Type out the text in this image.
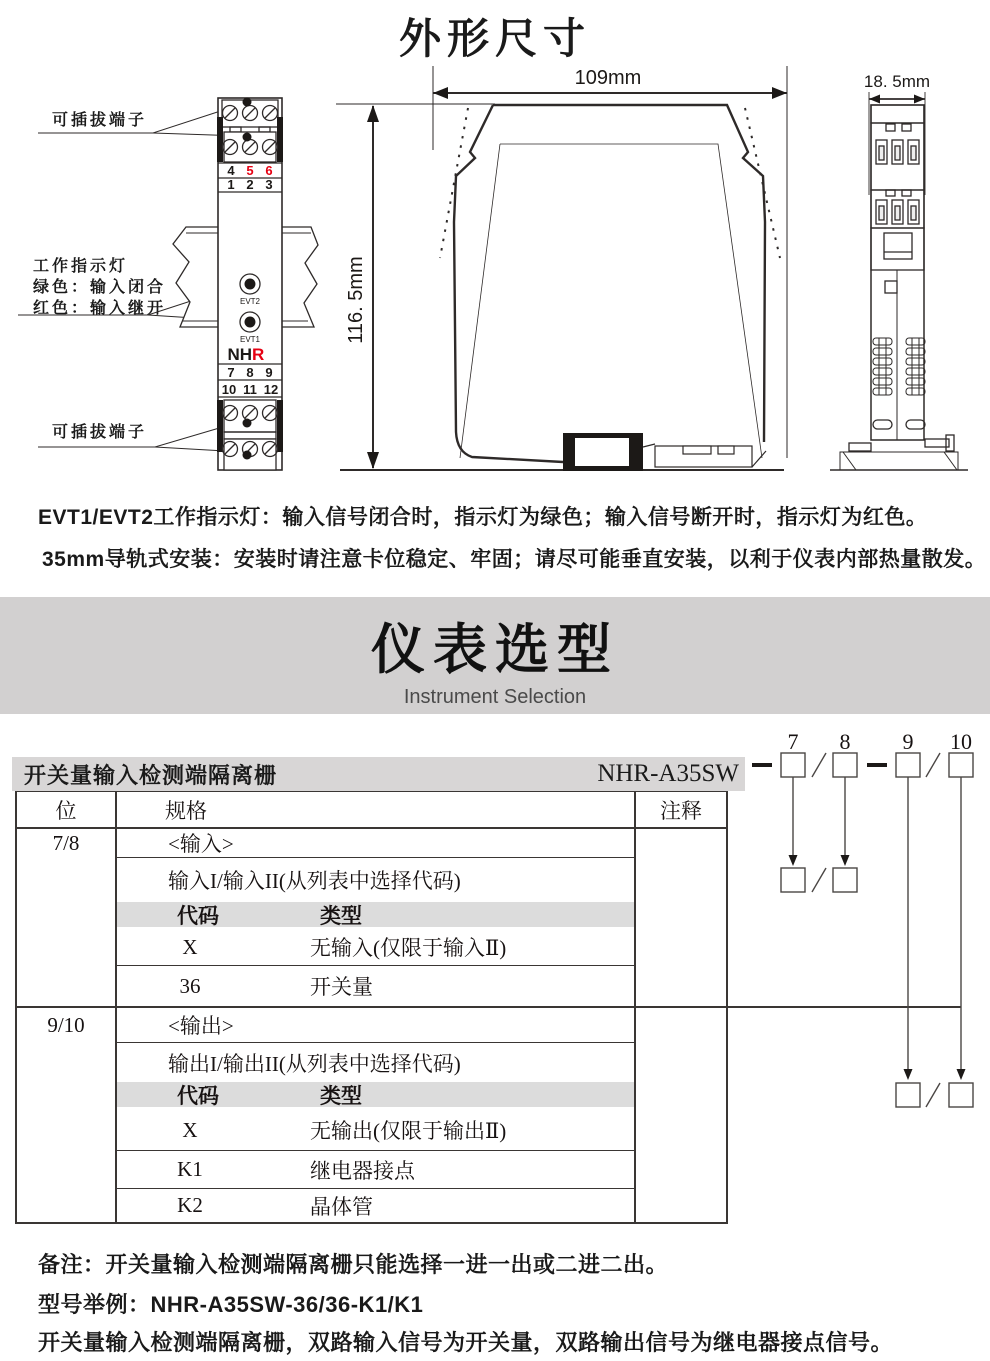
外形尺寸
可插拔端子
工作指示灯
绿色：输入闭合
红色：输入继开
可插拔端子
4 5 6
1 2 3
EVT2
EVT1
NH R
7 8 9
10 11 12
109mm
116. 5mm
18. 5mm
EVT1/EVT2工作指示灯：输入信号闭合时，指示灯为绿色；输入信号断开时，指示灯为红色。
35mm导轨式安装：安装时请注意卡位稳定、牢固；请尽可能垂直安装，以利于仪表内部热量散发。
仪表选型
Instrument Selection
开关量输入检测端隔离栅	NHR-A35SW
位	规格	注释
7/8	<输入>
输入I/输入II(从列表中选择代码)
代码	类型
X	无输入(仅限于输入Ⅱ)
36	开关量
9/10	<输出>
输出I/输出II(从列表中选择代码)
代码	类型
X	无输出(仅限于输出Ⅱ)
K1	继电器接点
K2	晶体管
7 8 9 10
备注：开关量输入检测端隔离栅只能选择一进一出或二进二出。
型号举例：NHR-A35SW-36/36-K1/K1
开关量输入检测端隔离栅，双路输入信号为开关量，双路输出信号为继电器接点信号。
